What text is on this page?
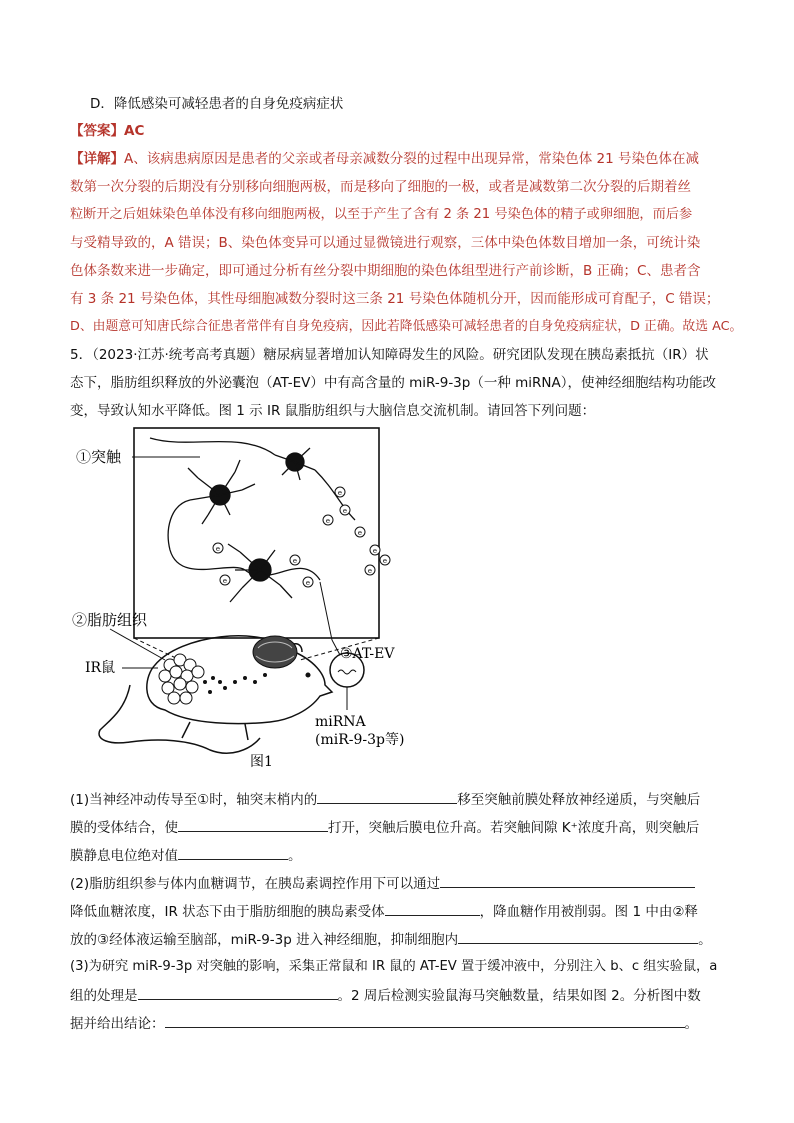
D．降低感染可减轻患者的自身免疫病症状
【答案】AC
【详解】A、该病患病原因是患者的父亲或者母亲减数分裂的过程中出现异常，常染色体 21 号染色体在减
数第一次分裂的后期没有分别移向细胞两极，而是移向了细胞的一极，或者是减数第二次分裂的后期着丝
粒断开之后姐妹染色单体没有移向细胞两极，以至于产生了含有 2 条 21 号染色体的精子或卵细胞，而后参
与受精导致的，A 错误；B、染色体变异可以通过显微镜进行观察，三体中染色体数目增加一条，可统计染
色体条数来进一步确定，即可通过分析有丝分裂中期细胞的染色体组型进行产前诊断，B 正确；C、患者含
有 3 条 21 号染色体，其性母细胞减数分裂时这三条 21 号染色体随机分开，因而能形成可育配子，C 错误；
D、由题意可知唐氏综合征患者常伴有自身免疫病，因此若降低感染可减轻患者的自身免疫病症状，D 正确。故选 AC。
5．（2023·江苏·统考高考真题）糖尿病显著增加认知障碍发生的风险。研究团队发现在胰岛素抵抗（IR）状
态下，脂肪组织释放的外泌囊泡（AT-EV）中有高含量的 miR-9-3p（一种 miRNA），使神经细胞结构功能改
变，导致认知水平降低。图 1 示 IR 鼠脂肪组织与大脑信息交流机制。请回答下列问题：
e
e
e
e
e
e
e
e	e
e	e
①突触
②脂肪组织
IR鼠
③AT-EV
miRNA
(miR-9-3p等)
图1
(1)当神经冲动传导至①时，轴突末梢内的	移至突触前膜处释放神经递质，与突触后
膜的受体结合，使	打开，突触后膜电位升高。若突触间隙 K⁺浓度升高，则突触后
膜静息电位绝对值	。
(2)脂肪组织参与体内血糖调节，在胰岛素调控作用下可以通过
降低血糖浓度，IR 状态下由于脂肪细胞的胰岛素受体	，降血糖作用被削弱。图 1 中由②释
放的③经体液运输至脑部，miR-9-3p 进入神经细胞，抑制细胞内	。
(3)为研究 miR-9-3p 对突触的影响，采集正常鼠和 IR 鼠的 AT-EV 置于缓冲液中，分别注入 b、c 组实验鼠，a
组的处理是	。2 周后检测实验鼠海马突触数量，结果如图 2。分析图中数
据并给出结论：	。
